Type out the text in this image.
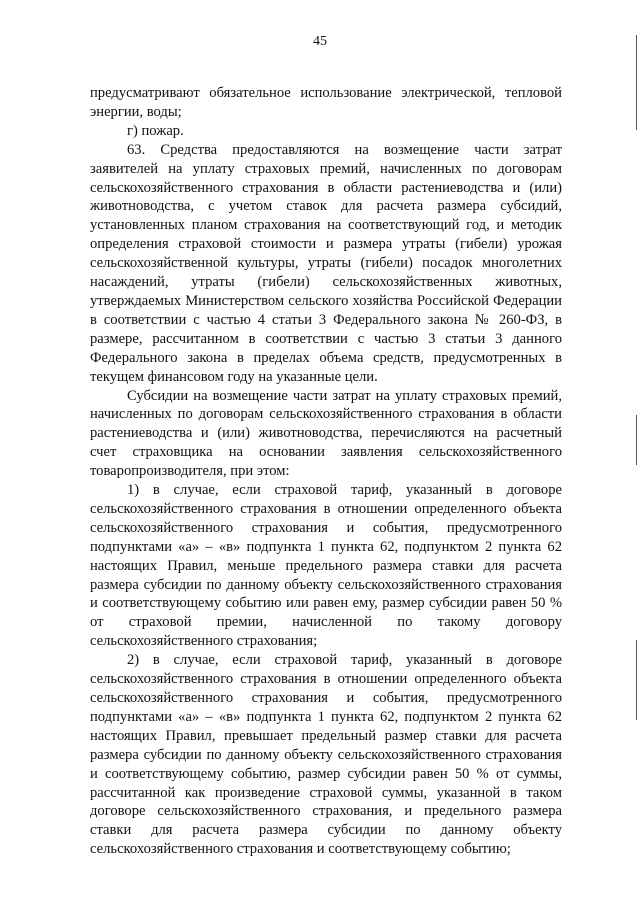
45

предусматривают обязательное использование электрической, тепловой энергии, воды;

г) пожар.

63. Средства предоставляются на возмещение части затрат заявителей на уплату страховых премий, начисленных по договорам сельскохозяйственного страхования в области растениеводства и (или) животноводства, с учетом ставок для расчета размера субсидий, установленных планом страхования на соответствующий год, и методик определения страховой стоимости и размера утраты (гибели) урожая сельскохозяйственной культуры, утраты (гибели) посадок многолетних насаждений, утраты (гибели) сельскохозяйственных животных, утверждаемых Министерством сельского хозяйства Российской Федерации в соответствии с частью 4 статьи 3 Федерального закона № 260-ФЗ, в размере, рассчитанном в соответствии с частью 3 статьи 3 данного Федерального закона в пределах объема средств, предусмотренных в текущем финансовом году на указанные цели.

Субсидии на возмещение части затрат на уплату страховых премий, начисленных по договорам сельскохозяйственного страхования в области растениеводства и (или) животноводства, перечисляются на расчетный счет страховщика на основании заявления сельскохозяйственного товаропроизводителя, при этом:

1) в случае, если страховой тариф, указанный в договоре сельскохозяйственного страхования в отношении определенного объекта сельскохозяйственного страхования и события, предусмотренного подпунктами «а» – «в» подпункта 1 пункта 62, подпунктом 2 пункта 62 настоящих Правил, меньше предельного размера ставки для расчета размера субсидии по данному объекту сельскохозяйственного страхования и соответствующему событию или равен ему, размер субсидии равен 50 % от страховой премии, начисленной по такому договору сельскохозяйственного страхования;

2) в случае, если страховой тариф, указанный в договоре сельскохозяйственного страхования в отношении определенного объекта сельскохозяйственного страхования и события, предусмотренного подпунктами «а» – «в» подпункта 1 пункта 62, подпунктом 2 пункта 62 настоящих Правил, превышает предельный размер ставки для расчета размера субсидии по данному объекту сельскохозяйственного страхования и соответствующему событию, размер субсидии равен 50 % от суммы, рассчитанной как произведение страховой суммы, указанной в таком договоре сельскохозяйственного страхования, и предельного размера ставки для расчета размера субсидии по данному объекту сельскохозяйственного страхования и соответствующему событию;
